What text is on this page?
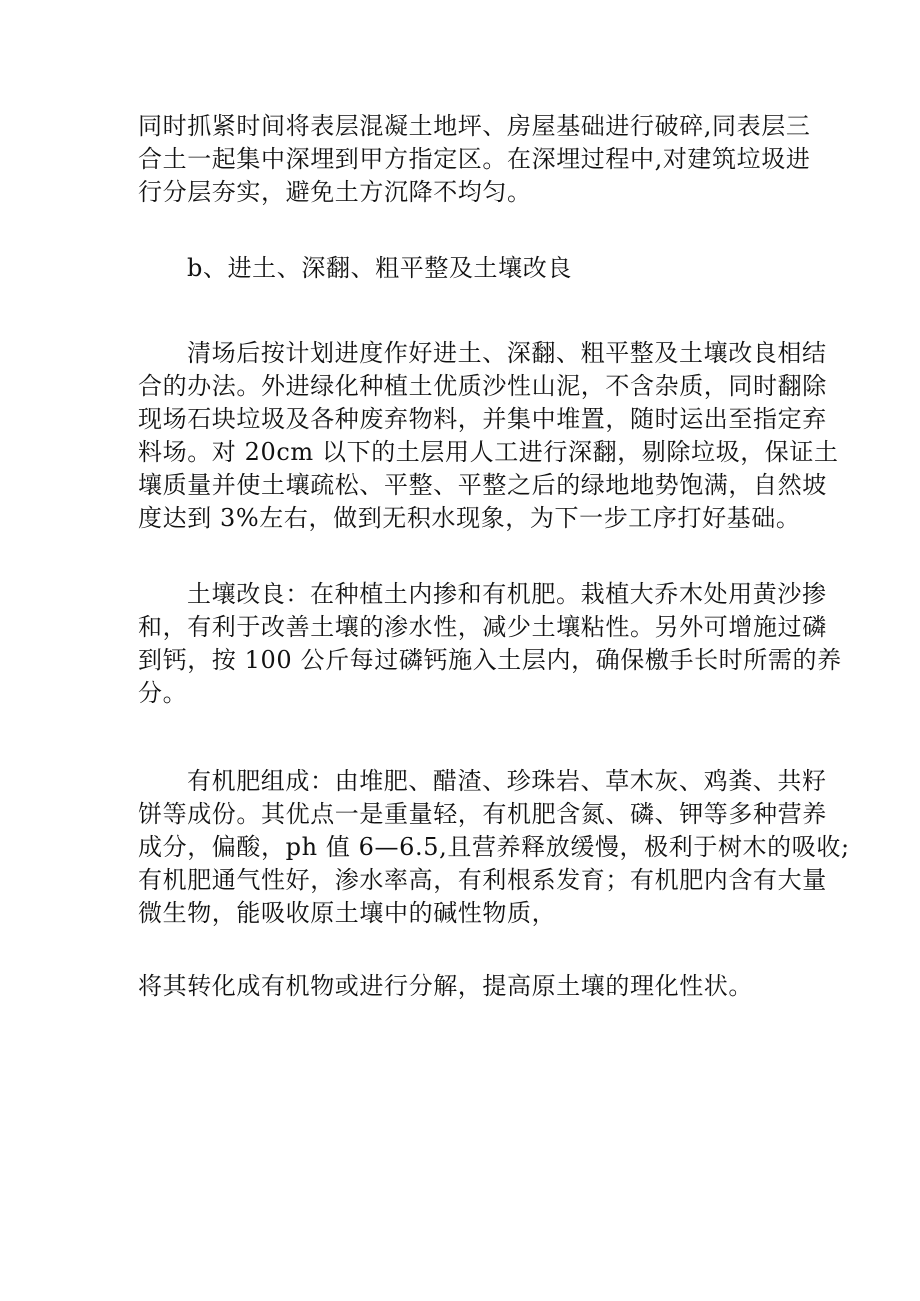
同时抓紧时间将表层混凝土地坪、房屋基础进行破碎,同表层三
合土一起集中深埋到甲方指定区。在深埋过程中,对建筑垃圾进
行分层夯实，避免土方沉降不均匀。
b、进土、深翻、粗平整及土壤改良
清场后按计划进度作好进土、深翻、粗平整及土壤改良相结
合的办法。外进绿化种植土优质沙性山泥，不含杂质，同时翻除
现场石块垃圾及各种废弃物料，并集中堆置，随时运出至指定弃
料场。对 20cm 以下的土层用人工进行深翻，剔除垃圾，保证土
壤质量并使土壤疏松、平整、平整之后的绿地地势饱满，自然坡
度达到 3%左右，做到无积水现象，为下一步工序打好基础。
土壤改良：在种植土内掺和有机肥。栽植大乔木处用黄沙掺
和，有利于改善土壤的渗水性，减少土壤粘性。另外可增施过磷
到钙，按 100 公斤每过磷钙施入土层内，确保檄手长时所需的养
分。
有机肥组成：由堆肥、醋渣、珍珠岩、草木灰、鸡粪、共籽
饼等成份。其优点一是重量轻，有机肥含氮、磷、钾等多种营养
成分，偏酸，ph 值 6—6.5,且营养释放缓慢，极利于树木的吸收;
有机肥通气性好，渗水率高，有利根系发育；有机肥内含有大量
微生物，能吸收原土壤中的碱性物质，
将其转化成有机物或进行分解，提高原土壤的理化性状。
